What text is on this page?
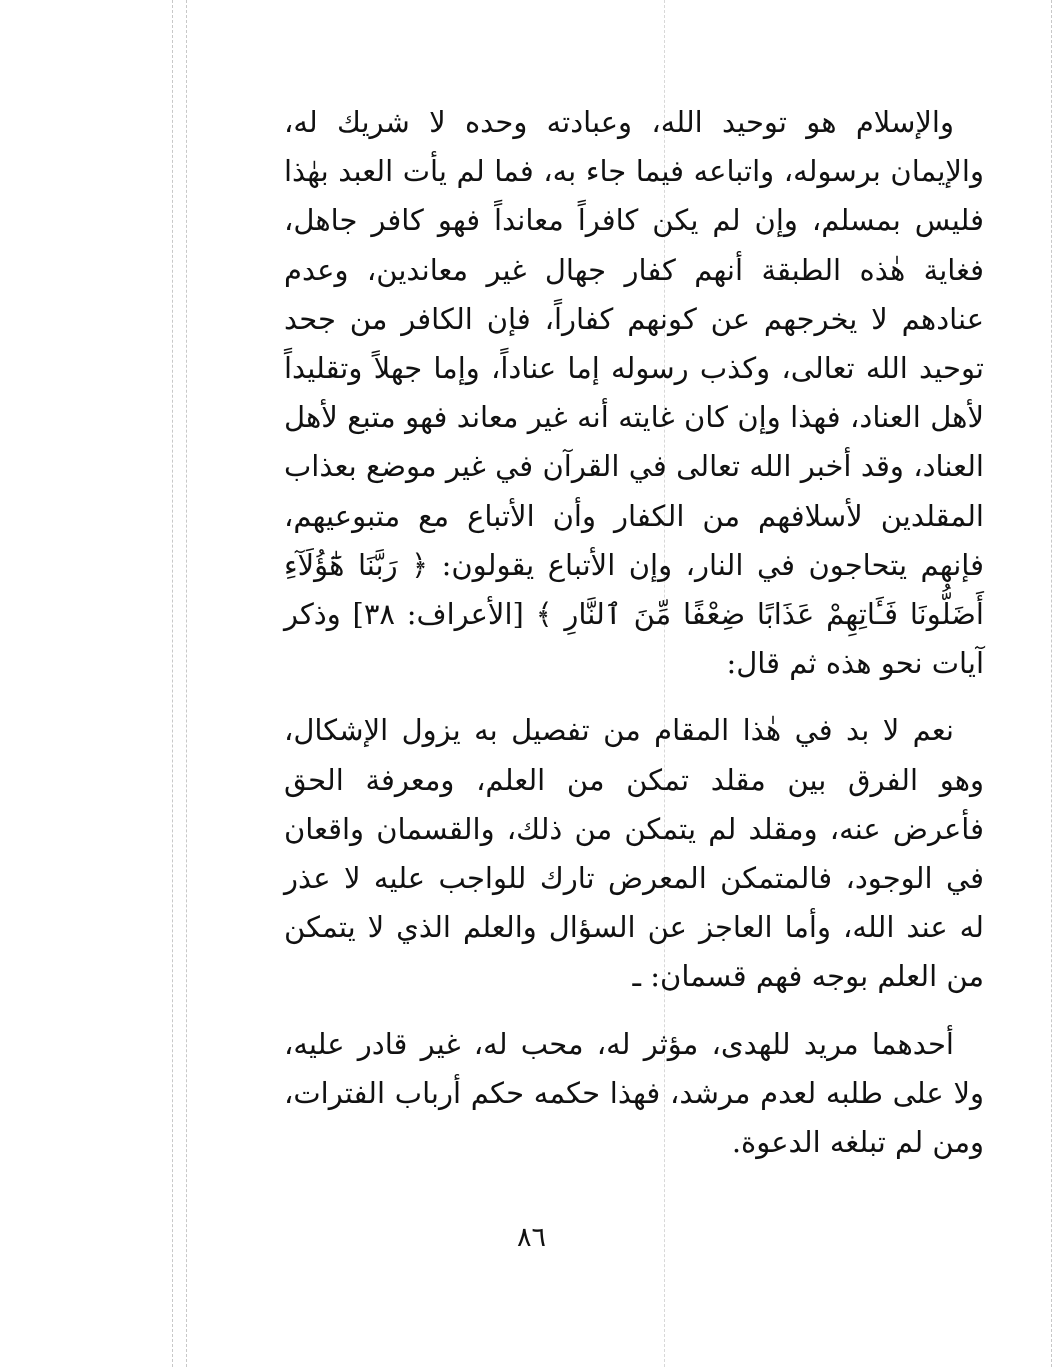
والإسلام هو توحيد الله، وعبادته وحده لا شريك له، والإيمان برسوله، واتباعه فيما جاء به، فما لم يأت العبد بهٰذا فليس بمسلم، وإن لم يكن كافراً معانداً فهو كافر جاهل، فغاية هٰذه الطبقة أنهم كفار جهال غير معاندين، وعدم عنادهم لا يخرجهم عن كونهم كفاراً، فإن الكافر من جحد توحيد الله تعالى، وكذب رسوله إما عناداً، وإما جهلاً وتقليداً لأهل العناد، فهذا وإن كان غايته أنه غير معاند فهو متبع لأهل العناد، وقد أخبر الله تعالى في القرآن في غير موضع بعذاب المقلدين لأسلافهم من الكفار وأن الأتباع مع متبوعيهم، فإنهم يتحاجون في النار، وإن الأتباع يقولون: ﴿ رَبَّنَا هَٰٓؤُلَآءِ أَضَلُّونَا فَـَٔاتِهِمْ عَذَابًا ضِعْفًا مِّنَ ٱلنَّارِ ﴾ [الأعراف: ٣٨] وذكر آيات نحو هذه ثم قال:

نعم لا بد في هٰذا المقام من تفصيل به يزول الإشكال، وهو الفرق بين مقلد تمكن من العلم، ومعرفة الحق فأعرض عنه، ومقلد لم يتمكن من ذلك، والقسمان واقعان في الوجود، فالمتمكن المعرض تارك للواجب عليه لا عذر له عند الله، وأما العاجز عن السؤال والعلم الذي لا يتمكن من العلم بوجه فهم قسمان: ـ

أحدهما مريد للهدى، مؤثر له، محب له، غير قادر عليه، ولا على طلبه لعدم مرشد، فهذا حكمه حكم أرباب الفترات، ومن لم تبلغه الدعوة.

٨٦
